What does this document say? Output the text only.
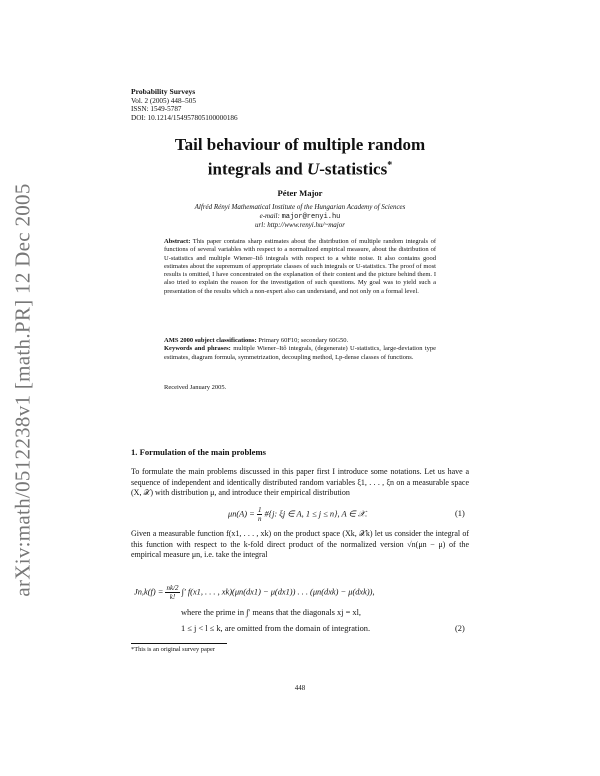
arXiv:math/0512238v1 [math.PR] 12 Dec 2005
Probability Surveys
Vol. 2 (2005) 448–505
ISSN: 1549-5787
DOI: 10.1214/154957805100000186
Tail behaviour of multiple random
integrals and U-statistics*
Péter Major
Alfréd Rényi Mathematical Institute of the Hungarian Academy of Sciences
e-mail: major@renyi.hu
url: http://www.renyi.hu/~major
Abstract: This paper contains sharp estimates about the distribution of multiple random integrals of functions of several variables with respect to a normalized empirical measure, about the distribution of U-statistics and multiple Wiener–Itô integrals with respect to a white noise. It also contains good estimates about the supremum of appropriate classes of such integrals or U-statistics. The proof of most results is omitted, I have concentrated on the explanation of their content and the picture behind them. I also tried to explain the reason for the investigation of such questions. My goal was to yield such a presentation of the results which a non-expert also can understand, and not only on a formal level.
AMS 2000 subject classifications: Primary 60F10; secondary 60G50.
Keywords and phrases: multiple Wiener–Itô integrals, (degenerate) U-statistics, large-deviation type estimates, diagram formula, symmetrization, decoupling method, Lp-dense classes of functions.
Received January 2005.
1. Formulation of the main problems
To formulate the main problems discussed in this paper first I introduce some notations. Let us have a sequence of independent and identically distributed random variables ξ1, . . . , ξn on a measurable space (X, 𝒳) with distribution μ, and introduce their empirical distribution
$\mu n(A) = \frac{1}{n}$ #{j: ξj ∈ A, 1 ≤ j ≤ n}, A ∈ 𝒳.	(1)
Given a measurable function f(x1, . . . , xk) on the product space (Xk, 𝒳k) let us consider the integral of this function with respect to the k-fold direct product of the normalized version √n(μn − μ) of the empirical measure μn, i.e. take the integral
$Jn,k(f) = \frac{nk/2}{k!}$ ∫′ f(x1, . . . , xk)(μn(dx1) − μ(dx1)) . . . (μn(dxk) − μ(dxk)),
where the prime in ∫′ means that the diagonals xj = xl,
1 ≤ j < l ≤ k, are omitted from the domain of integration.	(2)
*This is an original survey paper
448
